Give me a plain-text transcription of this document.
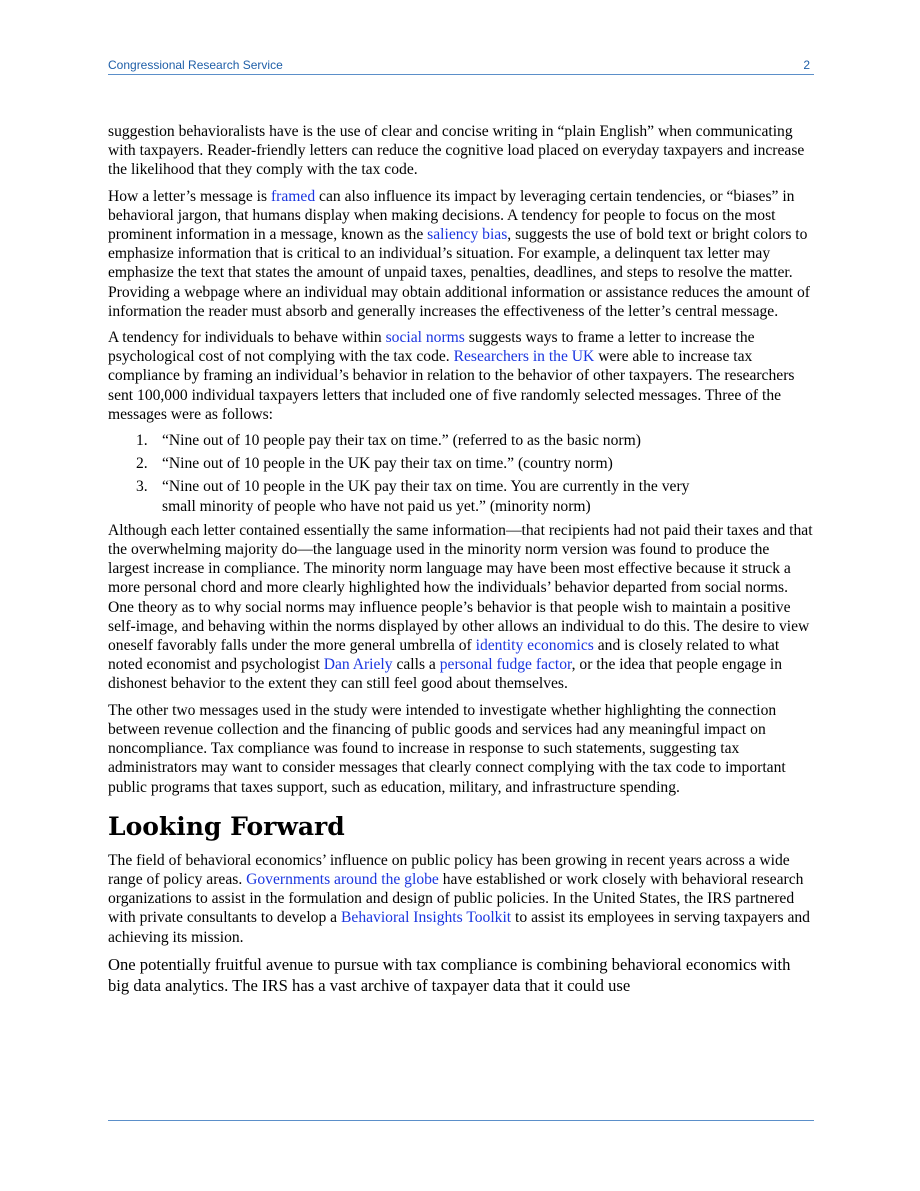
Congressional Research Service	2

suggestion behavioralists have is the use of clear and concise writing in “plain English” when communicating with taxpayers. Reader-friendly letters can reduce the cognitive load placed on everyday taxpayers and increase the likelihood that they comply with the tax code.

How a letter’s message is framed can also influence its impact by leveraging certain tendencies, or “biases” in behavioral jargon, that humans display when making decisions. A tendency for people to focus on the most prominent information in a message, known as the saliency bias, suggests the use of bold text or bright colors to emphasize information that is critical to an individual’s situation. For example, a delinquent tax letter may emphasize the text that states the amount of unpaid taxes, penalties, deadlines, and steps to resolve the matter. Providing a webpage where an individual may obtain additional information or assistance reduces the amount of information the reader must absorb and generally increases the effectiveness of the letter’s central message.

A tendency for individuals to behave within social norms suggests ways to frame a letter to increase the psychological cost of not complying with the tax code. Researchers in the UK were able to increase tax compliance by framing an individual’s behavior in relation to the behavior of other taxpayers. The researchers sent 100,000 individual taxpayers letters that included one of five randomly selected messages. Three of the messages were as follows:

1. “Nine out of 10 people pay their tax on time.” (referred to as the basic norm)
2. “Nine out of 10 people in the UK pay their tax on time.” (country norm)
3. “Nine out of 10 people in the UK pay their tax on time. You are currently in the very small minority of people who have not paid us yet.” (minority norm)

Although each letter contained essentially the same information—that recipients had not paid their taxes and that the overwhelming majority do—the language used in the minority norm version was found to produce the largest increase in compliance. The minority norm language may have been most effective because it struck a more personal chord and more clearly highlighted how the individuals’ behavior departed from social norms. One theory as to why social norms may influence people’s behavior is that people wish to maintain a positive self-image, and behaving within the norms displayed by other allows an individual to do this. The desire to view oneself favorably falls under the more general umbrella of identity economics and is closely related to what noted economist and psychologist Dan Ariely calls a personal fudge factor, or the idea that people engage in dishonest behavior to the extent they can still feel good about themselves.

The other two messages used in the study were intended to investigate whether highlighting the connection between revenue collection and the financing of public goods and services had any meaningful impact on noncompliance. Tax compliance was found to increase in response to such statements, suggesting tax administrators may want to consider messages that clearly connect complying with the tax code to important public programs that taxes support, such as education, military, and infrastructure spending.

Looking Forward

The field of behavioral economics’ influence on public policy has been growing in recent years across a wide range of policy areas. Governments around the globe have established or work closely with behavioral research organizations to assist in the formulation and design of public policies. In the United States, the IRS partnered with private consultants to develop a Behavioral Insights Toolkit to assist its employees in serving taxpayers and achieving its mission.

One potentially fruitful avenue to pursue with tax compliance is combining behavioral economics with big data analytics. The IRS has a vast archive of taxpayer data that it could use
